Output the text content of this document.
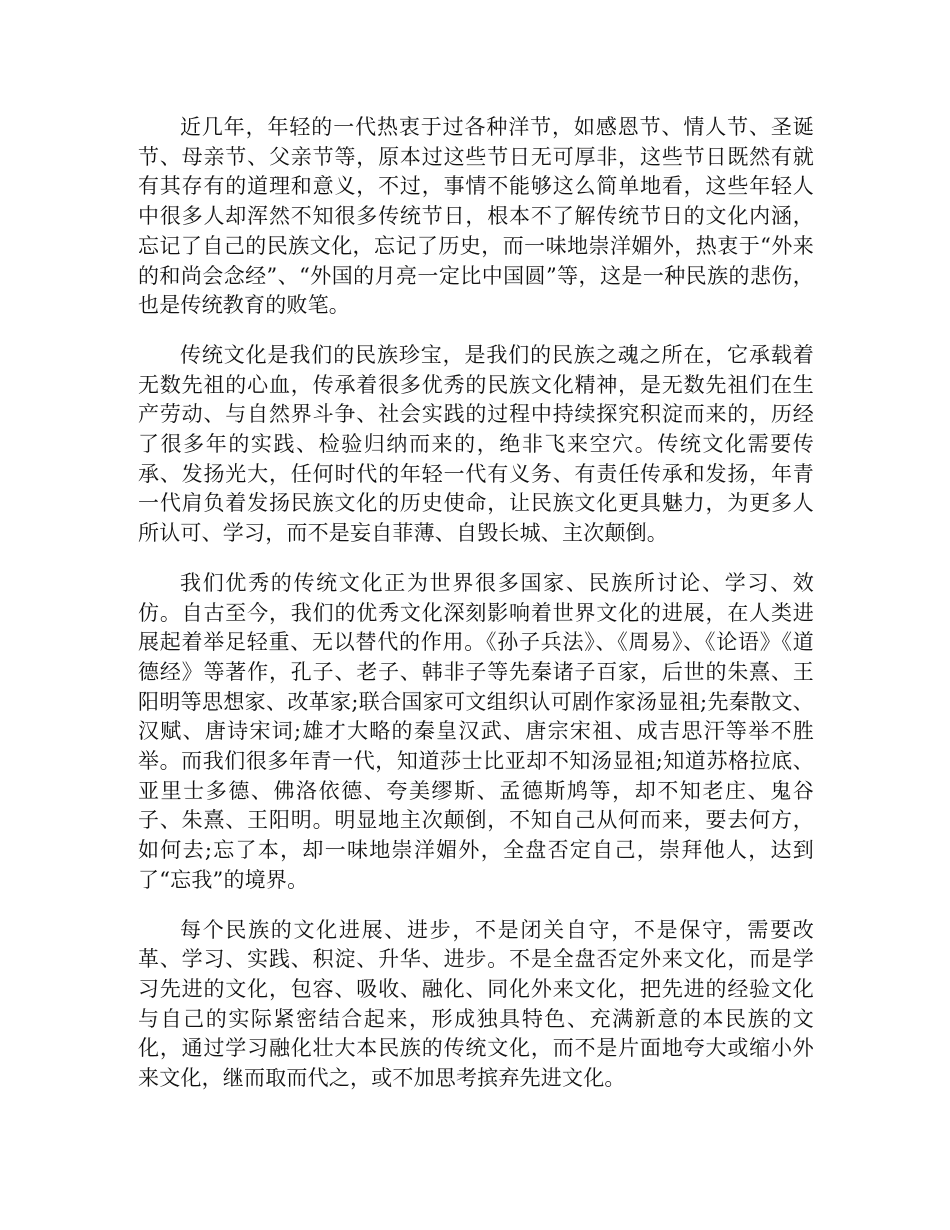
近几年，年轻的一代热衷于过各种洋节，如感恩节、情人节、圣诞节、母亲节、父亲节等，原本过这些节日无可厚非，这些节日既然有就有其存有的道理和意义，不过，事情不能够这么简单地看，这些年轻人中很多人却浑然不知很多传统节日，根本不了解传统节日的文化内涵，忘记了自己的民族文化，忘记了历史，而一味地崇洋媚外，热衷于“外来的和尚会念经”、“外国的月亮一定比中国圆”等，这是一种民族的悲伤，也是传统教育的败笔。

传统文化是我们的民族珍宝，是我们的民族之魂之所在，它承载着无数先祖的心血，传承着很多优秀的民族文化精神，是无数先祖们在生产劳动、与自然界斗争、社会实践的过程中持续探究积淀而来的，历经了很多年的实践、检验归纳而来的，绝非飞来空穴。传统文化需要传承、发扬光大，任何时代的年轻一代有义务、有责任传承和发扬，年青一代肩负着发扬民族文化的历史使命，让民族文化更具魅力，为更多人所认可、学习，而不是妄自菲薄、自毁长城、主次颠倒。

我们优秀的传统文化正为世界很多国家、民族所讨论、学习、效仿。自古至今，我们的优秀文化深刻影响着世界文化的进展，在人类进展起着举足轻重、无以替代的作用。《孙子兵法》、《周易》、《论语》《道德经》等著作，孔子、老子、韩非子等先秦诸子百家，后世的朱熹、王阳明等思想家、改革家;联合国家可文组织认可剧作家汤显祖;先秦散文、汉赋、唐诗宋词;雄才大略的秦皇汉武、唐宗宋祖、成吉思汗等举不胜举。而我们很多年青一代，知道莎士比亚却不知汤显祖;知道苏格拉底、亚里士多德、佛洛依德、夸美缪斯、孟德斯鸠等，却不知老庄、鬼谷子、朱熹、王阳明。明显地主次颠倒，不知自己从何而来，要去何方，如何去;忘了本，却一味地崇洋媚外，全盘否定自己，崇拜他人，达到了“忘我”的境界。

每个民族的文化进展、进步，不是闭关自守，不是保守，需要改革、学习、实践、积淀、升华、进步。不是全盘否定外来文化，而是学习先进的文化，包容、吸收、融化、同化外来文化，把先进的经验文化与自己的实际紧密结合起来，形成独具特色、充满新意的本民族的文化，通过学习融化壮大本民族的传统文化，而不是片面地夸大或缩小外来文化，继而取而代之，或不加思考摈弃先进文化。
